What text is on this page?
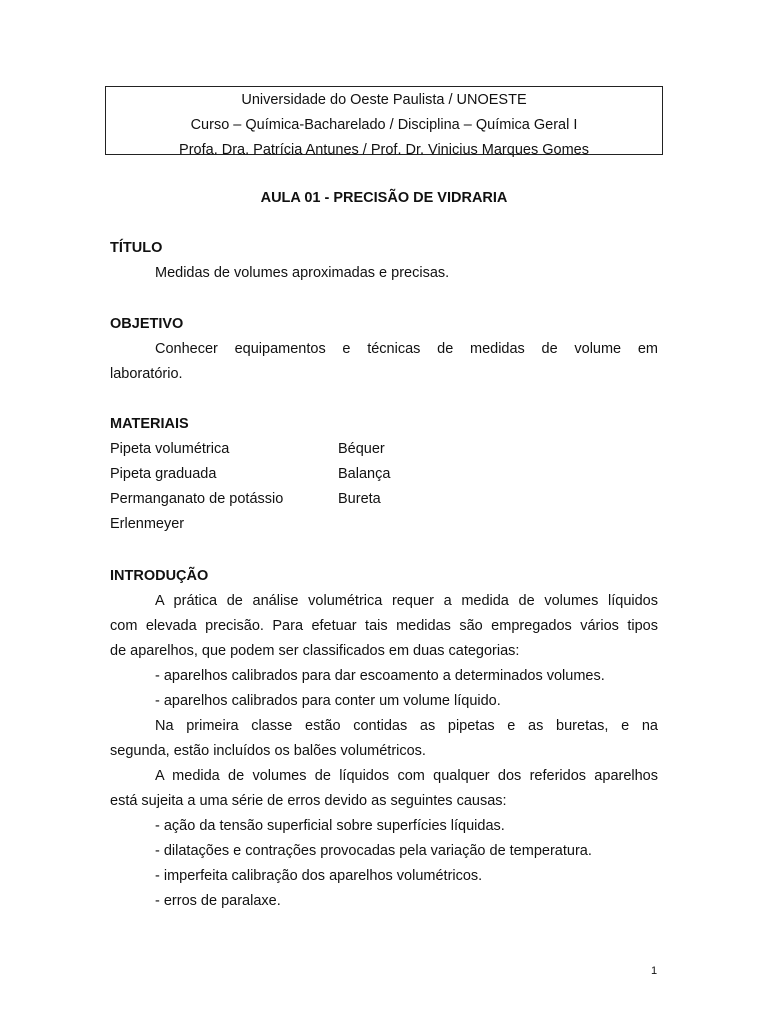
Universidade do Oeste Paulista / UNOESTE
Curso – Química-Bacharelado / Disciplina – Química Geral I
Profa. Dra. Patrícia Antunes / Prof. Dr. Vinicius Marques Gomes
AULA 01 - PRECISÃO DE VIDRARIA
TÍTULO
Medidas de volumes aproximadas e precisas.
OBJETIVO
Conhecer equipamentos e técnicas de medidas de volume em
laboratório.
MATERIAIS
Pipeta volumétrica	Béquer
Pipeta graduada	Balança
Permanganato de potássio	Bureta
Erlenmeyer
INTRODUÇÃO
A prática de análise volumétrica requer a medida de volumes líquidos
com elevada precisão. Para efetuar tais medidas são empregados vários tipos
de aparelhos, que podem ser classificados em duas categorias:
- aparelhos calibrados para dar escoamento a determinados volumes.
- aparelhos calibrados para conter um volume líquido.
Na primeira classe estão contidas as pipetas e as buretas, e na
segunda, estão incluídos os balões volumétricos.
A medida de volumes de líquidos com qualquer dos referidos aparelhos
está sujeita a uma série de erros devido as seguintes causas:
- ação da tensão superficial sobre superfícies líquidas.
- dilatações e contrações provocadas pela variação de temperatura.
- imperfeita calibração dos aparelhos volumétricos.
- erros de paralaxe.
1
